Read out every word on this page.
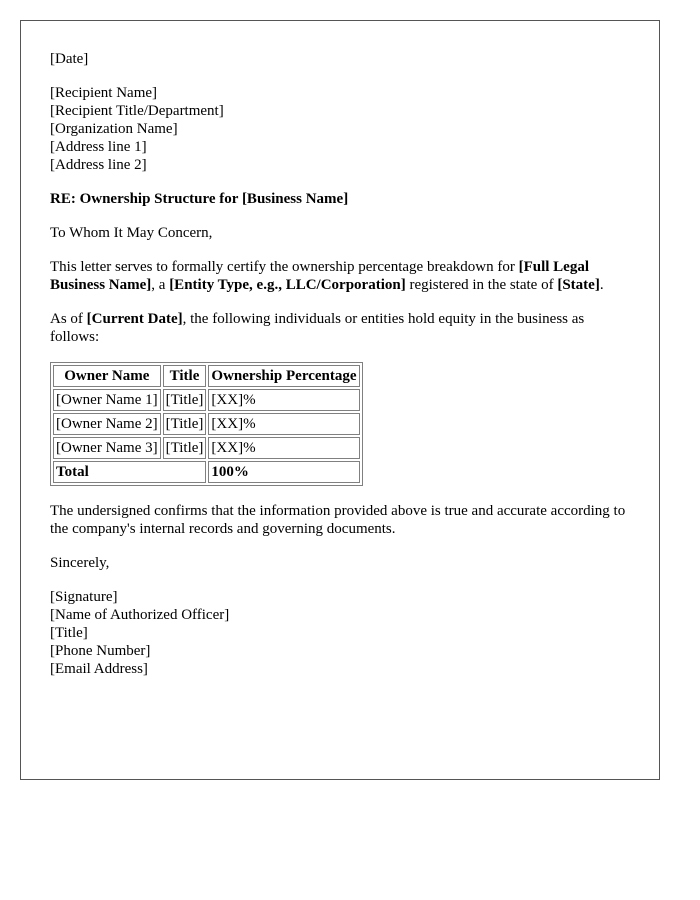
[Date]

[Recipient Name]
[Recipient Title/Department]
[Organization Name]
[Address line 1]
[Address line 2]

RE: Ownership Structure for [Business Name]

To Whom It May Concern,

This letter serves to formally certify the ownership percentage breakdown for [Full Legal Business Name], a [Entity Type, e.g., LLC/Corporation] registered in the state of [State].

As of [Current Date], the following individuals or entities hold equity in the business as follows:

Owner Name	Title	Ownership Percentage
[Owner Name 1]	[Title]	[XX]%
[Owner Name 2]	[Title]	[XX]%
[Owner Name 3]	[Title]	[XX]%
Total		100%

The undersigned confirms that the information provided above is true and accurate according to the company's internal records and governing documents.

Sincerely,

[Signature]
[Name of Authorized Officer]
[Title]
[Phone Number]
[Email Address]
